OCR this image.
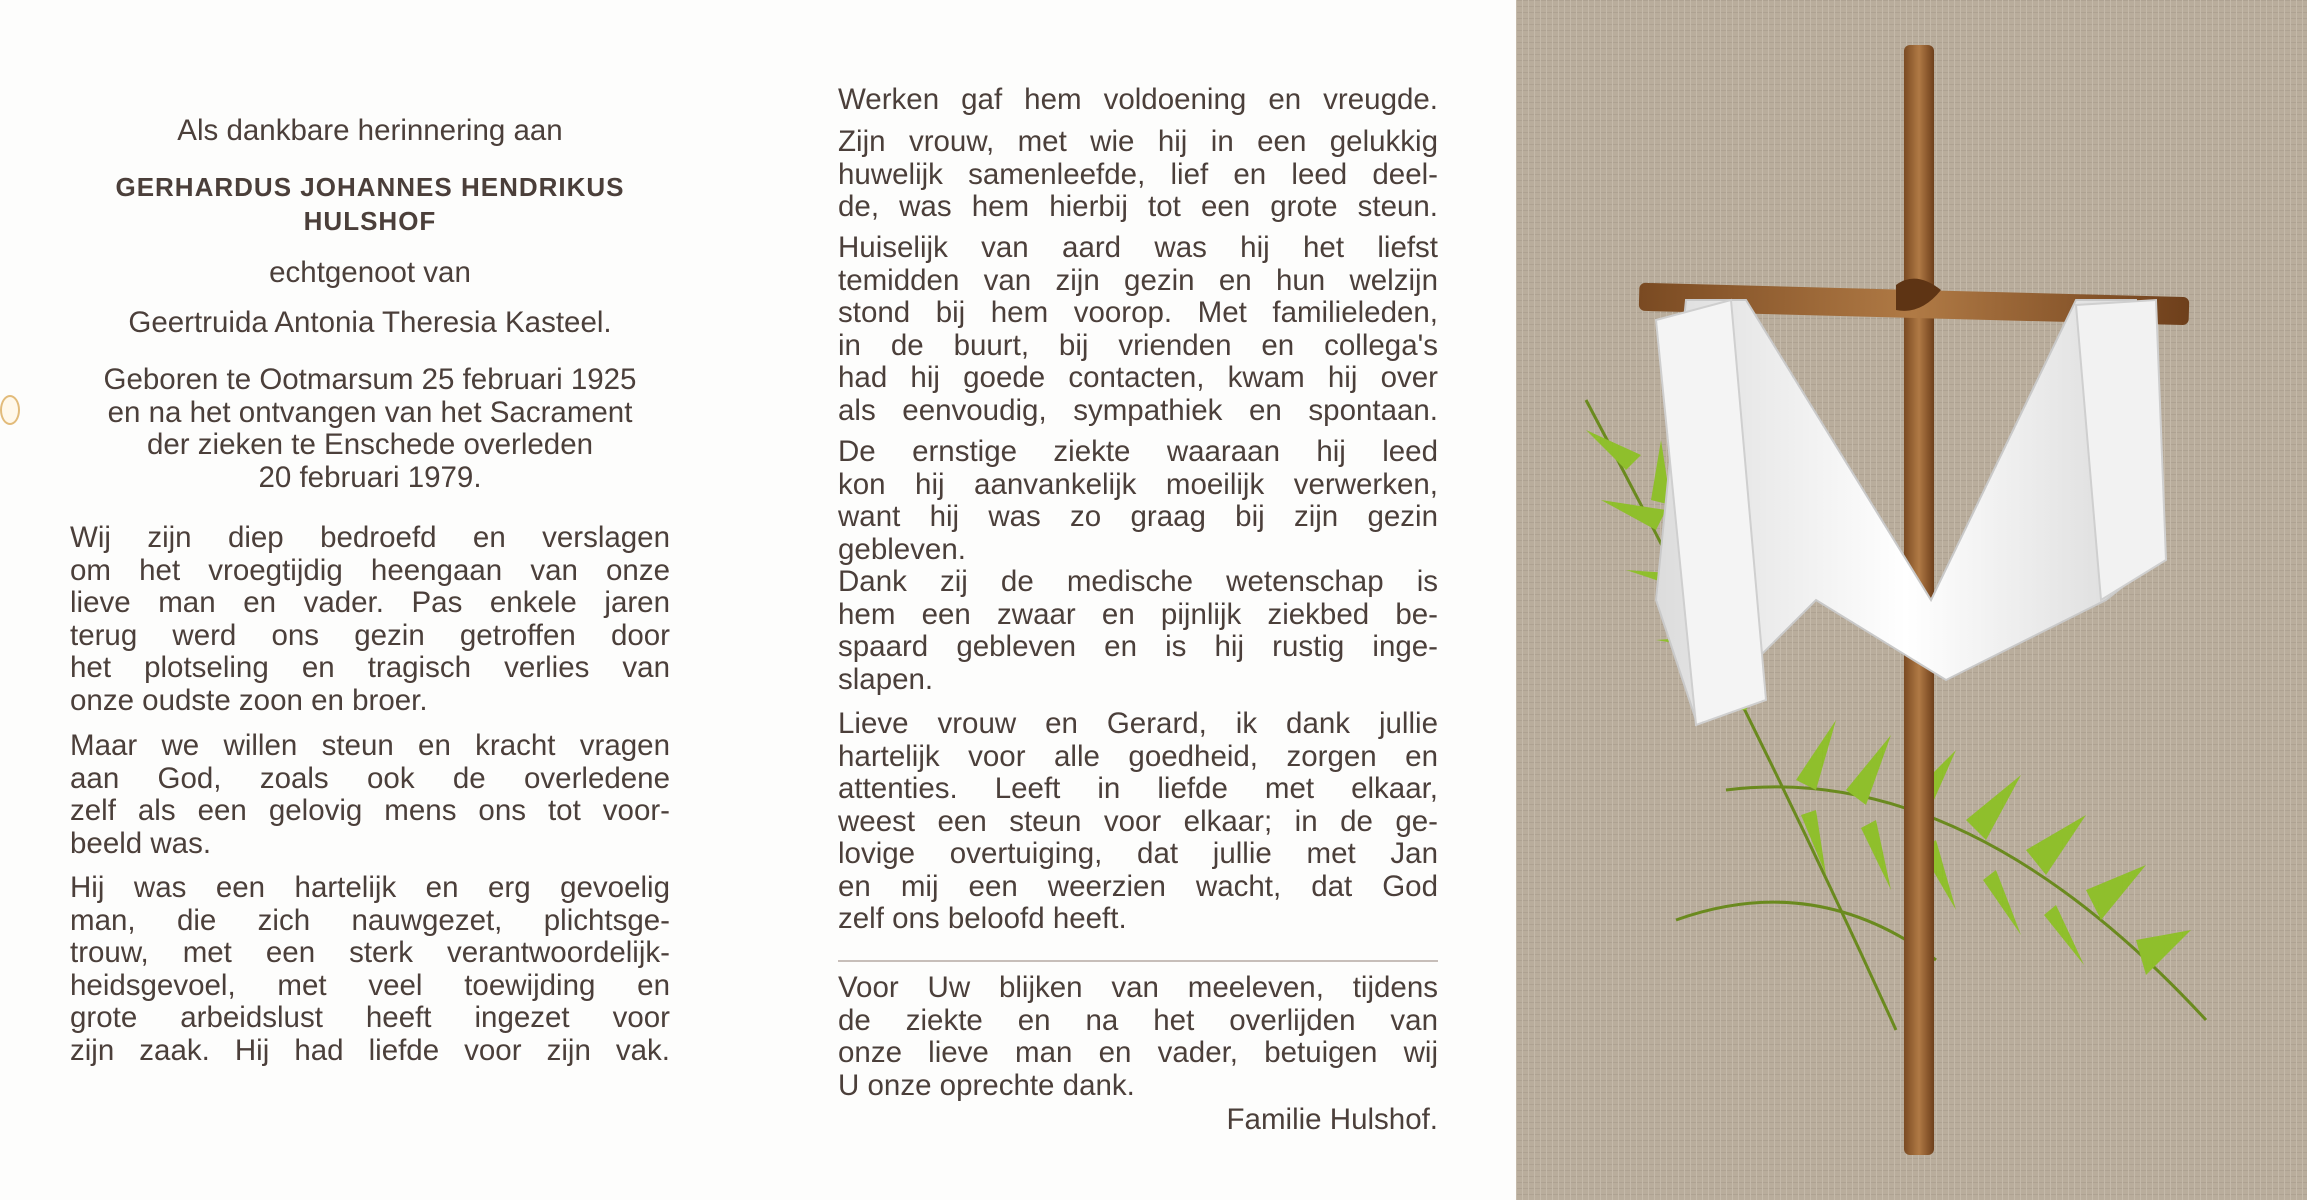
Als dankbare herinnering aan
GERHARDUS JOHANNES HENDRIKUS
HULSHOF
echtgenoot van
Geertruida Antonia Theresia Kasteel.
Geboren te Ootmarsum 25 februari 1925
en na het ontvangen van het Sacrament
der zieken te Enschede overleden
20 februari 1979.
Wij zijn diep bedroefd en verslagen
om het vroegtijdig heengaan van onze
lieve man en vader. Pas enkele jaren
terug werd ons gezin getroffen door
het plotseling en tragisch verlies van
onze oudste zoon en broer.
Maar we willen steun en kracht vragen
aan God, zoals ook de overledene
zelf als een gelovig mens ons tot voor-
beeld was.
Hij was een hartelijk en erg gevoelig
man, die zich nauwgezet, plichtsge-
trouw, met een sterk verantwoordelijk-
heidsgevoel, met veel toewijding en
grote arbeidslust heeft ingezet voor
zijn zaak. Hij had liefde voor zijn vak.
Werken gaf hem voldoening en vreugde.
Zijn vrouw, met wie hij in een gelukkig
huwelijk samenleefde, lief en leed deel-
de, was hem hierbij tot een grote steun.
Huiselijk van aard was hij het liefst
temidden van zijn gezin en hun welzijn
stond bij hem voorop. Met familieleden,
in de buurt, bij vrienden en collega's
had hij goede contacten, kwam hij over
als eenvoudig, sympathiek en spontaan.
De ernstige ziekte waaraan hij leed
kon hij aanvankelijk moeilijk verwerken,
want hij was zo graag bij zijn gezin
gebleven.
Dank zij de medische wetenschap is
hem een zwaar en pijnlijk ziekbed be-
spaard gebleven en is hij rustig inge-
slapen.
Lieve vrouw en Gerard, ik dank jullie
hartelijk voor alle goedheid, zorgen en
attenties. Leeft in liefde met elkaar,
weest een steun voor elkaar; in de ge-
lovige overtuiging, dat jullie met Jan
en mij een weerzien wacht, dat God
zelf ons beloofd heeft.
Voor Uw blijken van meeleven, tijdens
de ziekte en na het overlijden van
onze lieve man en vader, betuigen wij
U onze oprechte dank.
Familie Hulshof.
